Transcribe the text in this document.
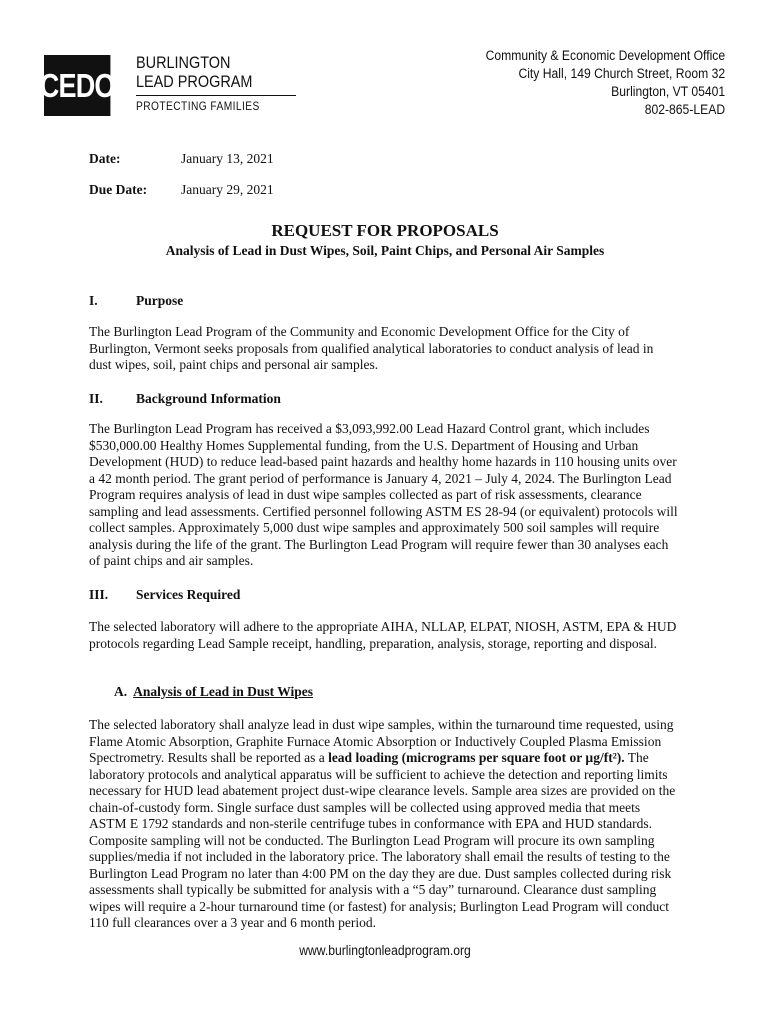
CEDO
BURLINGTON
LEAD PROGRAM
PROTECTING FAMILIES
Community & Economic Development Office
City Hall, 149 Church Street, Room 32
Burlington, VT 05401
802-865-LEAD
Date:	January 13, 2021
Due Date:	January 29, 2021
REQUEST FOR PROPOSALS
Analysis of Lead in Dust Wipes, Soil, Paint Chips, and Personal Air Samples
I.	Purpose
The Burlington Lead Program of the Community and Economic Development Office for the City of Burlington, Vermont seeks proposals from qualified analytical laboratories to conduct analysis of lead in dust wipes, soil, paint chips and personal air samples.
II. Background Information
The Burlington Lead Program has received a $3,093,992.00 Lead Hazard Control grant, which includes $530,000.00 Healthy Homes Supplemental funding, from the U.S. Department of Housing and Urban Development (HUD) to reduce lead-based paint hazards and healthy home hazards in 110 housing units over a 42 month period. The grant period of performance is January 4, 2021 – July 4, 2024. The Burlington Lead Program requires analysis of lead in dust wipe samples collected as part of risk assessments, clearance sampling and lead assessments. Certified personnel following ASTM ES 28-94 (or equivalent) protocols will collect samples. Approximately 5,000 dust wipe samples and approximately 500 soil samples will require analysis during the life of the grant. The Burlington Lead Program will require fewer than 30 analyses each of paint chips and air samples.
III. Services Required
The selected laboratory will adhere to the appropriate AIHA, NLLAP, ELPAT, NIOSH, ASTM, EPA & HUD protocols regarding Lead Sample receipt, handling, preparation, analysis, storage, reporting and disposal.
A. Analysis of Lead in Dust Wipes
The selected laboratory shall analyze lead in dust wipe samples, within the turnaround time requested, using Flame Atomic Absorption, Graphite Furnace Atomic Absorption or Inductively Coupled Plasma Emission Spectrometry. Results shall be reported as a lead loading (micrograms per square foot or µg/ft²). The laboratory protocols and analytical apparatus will be sufficient to achieve the detection and reporting limits necessary for HUD lead abatement project dust-wipe clearance levels. Sample area sizes are provided on the chain-of-custody form. Single surface dust samples will be collected using approved media that meets ASTM E 1792 standards and non-sterile centrifuge tubes in conformance with EPA and HUD standards. Composite sampling will not be conducted. The Burlington Lead Program will procure its own sampling supplies/media if not included in the laboratory price. The laboratory shall email the results of testing to the Burlington Lead Program no later than 4:00 PM on the day they are due. Dust samples collected during risk assessments shall typically be submitted for analysis with a “5 day” turnaround. Clearance dust sampling wipes will require a 2-hour turnaround time (or fastest) for analysis; Burlington Lead Program will conduct 110 full clearances over a 3 year and 6 month period.
www.burlingtonleadprogram.org
